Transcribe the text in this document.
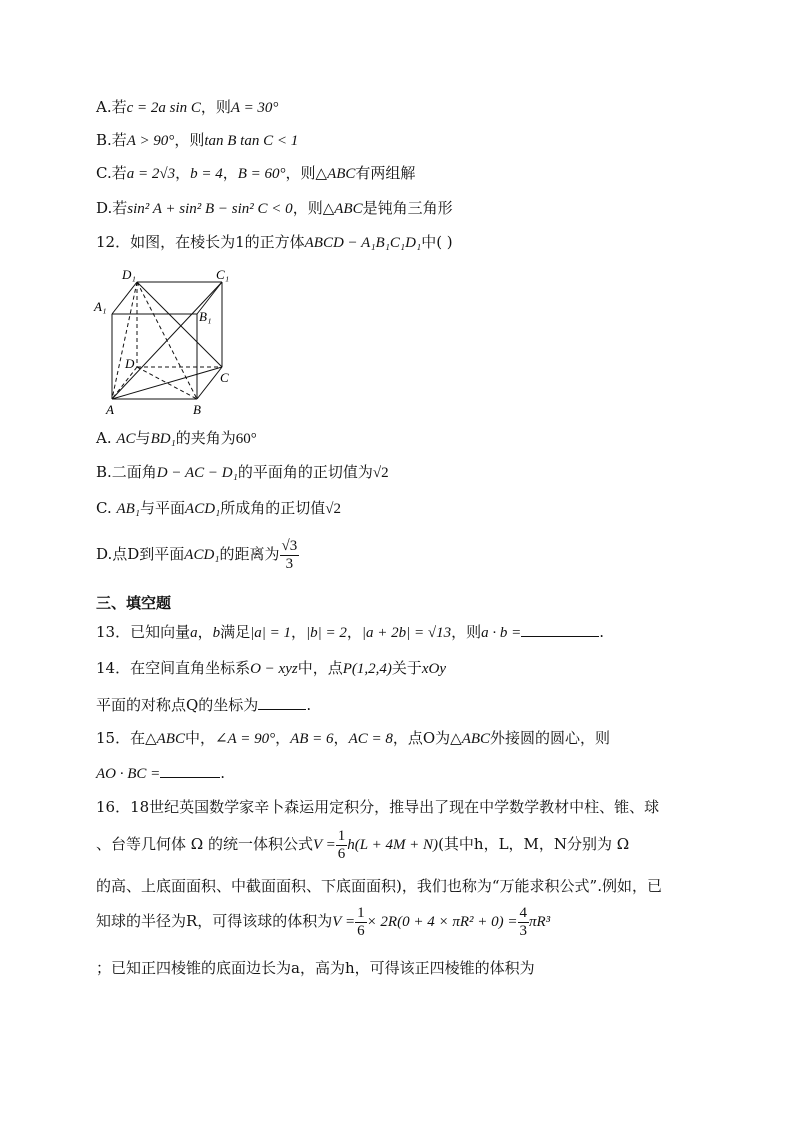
A.若c = 2a sin C，则A = 30°
B.若A > 90°，则tan B tan C < 1
C.若a = 2√3，b = 4，B = 60°，则△ABC有两组解
D.若sin² A + sin² B − sin² C < 0，则△ABC是钝角三角形
12．如图，在棱长为1的正方体ABCD − A₁B₁C₁D₁中( )
D₁	C₁
A₁
B₁
D
C
A	B
A. AC与BD₁的夹角为60°
B.二面角D − AC − D₁的平面角的正切值为√2
C. AB₁与平面ACD₁所成角的正切值√2
D.点D到平面ACD₁的距离为 $\frac{√3}{3}$
三、填空题
13．已知向量a，b满足|a| = 1，|b| = 2，|a + 2b| = √13，则a · b =	.
14．在空间直角坐标系O − xyz中，点P(1,2,4)关于xOy
平面的对称点Q的坐标为	.
15．在△ABC中，∠A = 90°，AB = 6，AC = 8，点O为△ABC外接圆的圆心，则
AO · BC =	.
16．18世纪英国数学家辛卜森运用定积分，推导出了现在中学数学教材中柱、锥、球
、台等几何体 Ω 的统一体积公式$V = \frac{1}{6} h(L + 4M + N)$(其中h，L，M，N分别为 Ω
的高、上底面面积、中截面面积、下底面面积)，我们也称为“万能求积公式”.例如，已
知球的半径为R，可得该球的体积为$V = \frac{1}{6} \times 2R(0 + 4 \times \pi R^2 + 0) = \frac{4}{3} \pi R^3$
；已知正四棱锥的底面边长为a，高为h，可得该正四棱锥的体积为
